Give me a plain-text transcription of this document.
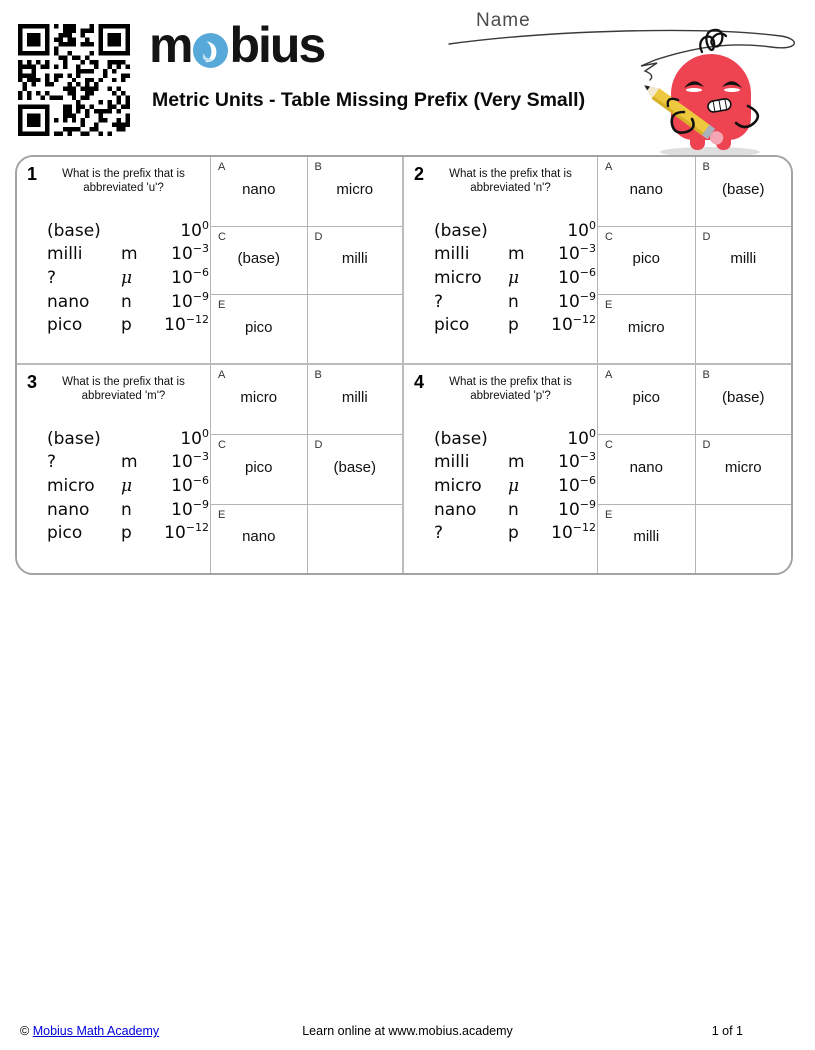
m bius
Metric Units - Table Missing Prefix (Very Small)
Name
1	What is the prefix that is
abbreviated 'u'?
(base)	$10^0$
milli	m	$10^{-3}$
?	μ	$10^{-6}$
nano	n	$10^{-9}$
pico	p	$10^{-12}$
A
nano
B
micro
C
(base)
D
milli
E
pico
2	What is the prefix that is
abbreviated 'n'?
(base)	$10^0$
milli	m	$10^{-3}$
micro	μ	$10^{-6}$
?	n	$10^{-9}$
pico	p	$10^{-12}$
A
nano
B
(base)
C
pico
D
milli
E
micro
3	What is the prefix that is
abbreviated 'm'?
(base)	$10^0$
?	m	$10^{-3}$
micro	μ	$10^{-6}$
nano	n	$10^{-9}$
pico	p	$10^{-12}$
A
micro
B
milli
C
pico
D
(base)
E
nano
4	What is the prefix that is
abbreviated 'p'?
(base)	$10^0$
milli	m	$10^{-3}$
micro	μ	$10^{-6}$
nano	n	$10^{-9}$
?	p	$10^{-12}$
A
pico
B
(base)
C
nano
D
micro
E
milli
© Mobius Math Academy	Learn online at www.mobius.academy	1 of 1
